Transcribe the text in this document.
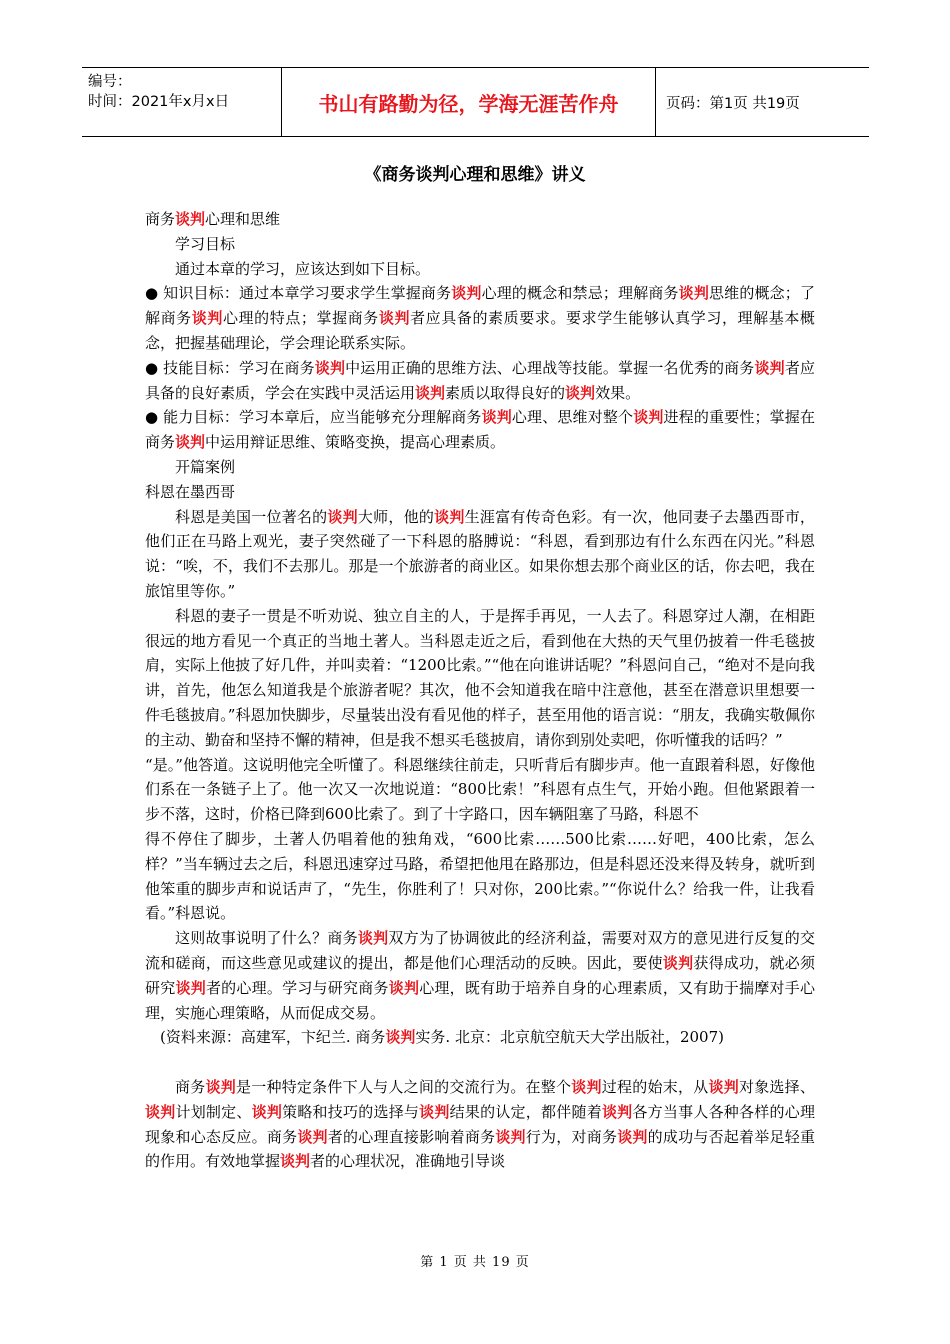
编号：
时间：2021年x月x日	书山有路勤为径，学海无涯苦作舟	页码：第1页 共19页
《商务谈判心理和思维》讲义

商务谈判心理和思维

学习目标

通过本章的学习，应该达到如下目标。

● 知识目标：通过本章学习要求学生掌握商务谈判心理的概念和禁忌；理解商务谈判思维的概念；了解商务谈判心理的特点；掌握商务谈判者应具备的素质要求。要求学生能够认真学习，理解基本概念，把握基础理论，学会理论联系实际。

● 技能目标：学习在商务谈判中运用正确的思维方法、心理战等技能。掌握一名优秀的商务谈判者应具备的良好素质，学会在实践中灵活运用谈判素质以取得良好的谈判效果。

● 能力目标：学习本章后，应当能够充分理解商务谈判心理、思维对整个谈判进程的重要性；掌握在商务谈判中运用辩证思维、策略变换，提高心理素质。

开篇案例

科恩在墨西哥

科恩是美国一位著名的谈判大师，他的谈判生涯富有传奇色彩。有一次，他同妻子去墨西哥市，他们正在马路上观光，妻子突然碰了一下科恩的胳膊说：“科恩，看到那边有什么东西在闪光。”科恩说：“唉，不，我们不去那儿。那是一个旅游者的商业区。如果你想去那个商业区的话，你去吧，我在旅馆里等你。”

科恩的妻子一贯是不听劝说、独立自主的人，于是挥手再见，一人去了。科恩穿过人潮，在相距很远的地方看见一个真正的当地土著人。当科恩走近之后，看到他在大热的天气里仍披着一件毛毯披肩，实际上他披了好几件，并叫卖着：“1200比索。”“他在向谁讲话呢？”科恩问自己，“绝对不是向我讲，首先，他怎么知道我是个旅游者呢？其次，他不会知道我在暗中注意他，甚至在潜意识里想要一件毛毯披肩。”科恩加快脚步，尽量装出没有看见他的样子，甚至用他的语言说：“朋友，我确实敬佩你的主动、勤奋和坚持不懈的精神，但是我不想买毛毯披肩，请你到别处卖吧，你听懂我的话吗？”

“是。”他答道。这说明他完全听懂了。科恩继续往前走，只听背后有脚步声。他一直跟着科恩，好像他们系在一条链子上了。他一次又一次地说道：“800比索！”科恩有点生气，开始小跑。但他紧跟着一步不落，这时，价格已降到600比索了。到了十字路口，因车辆阻塞了马路，科恩不

得不停住了脚步，土著人仍唱着他的独角戏，“600比索……500比索……好吧，400比索，怎么样？”当车辆过去之后，科恩迅速穿过马路，希望把他甩在路那边，但是科恩还没来得及转身，就听到他笨重的脚步声和说话声了，“先生，你胜利了！只对你，200比索。”“你说什么？给我一件，让我看看。”科恩说。

这则故事说明了什么？商务谈判双方为了协调彼此的经济利益，需要对双方的意见进行反复的交流和磋商，而这些意见或建议的提出，都是他们心理活动的反映。因此，要使谈判获得成功，就必须研究谈判者的心理。学习与研究商务谈判心理，既有助于培养自身的心理素质，又有助于揣摩对手心理，实施心理策略，从而促成交易。

(资料来源：高建军，卞纪兰. 商务谈判实务. 北京：北京航空航天大学出版社，2007)

商务谈判是一种特定条件下人与人之间的交流行为。在整个谈判过程的始末，从谈判对象选择、谈判计划制定、谈判策略和技巧的选择与谈判结果的认定，都伴随着谈判各方当事人各种各样的心理现象和心态反应。商务谈判者的心理直接影响着商务谈判行为，对商务谈判的成功与否起着举足轻重的作用。有效地掌握谈判者的心理状况，准确地引导谈

第 1 页 共 19 页
